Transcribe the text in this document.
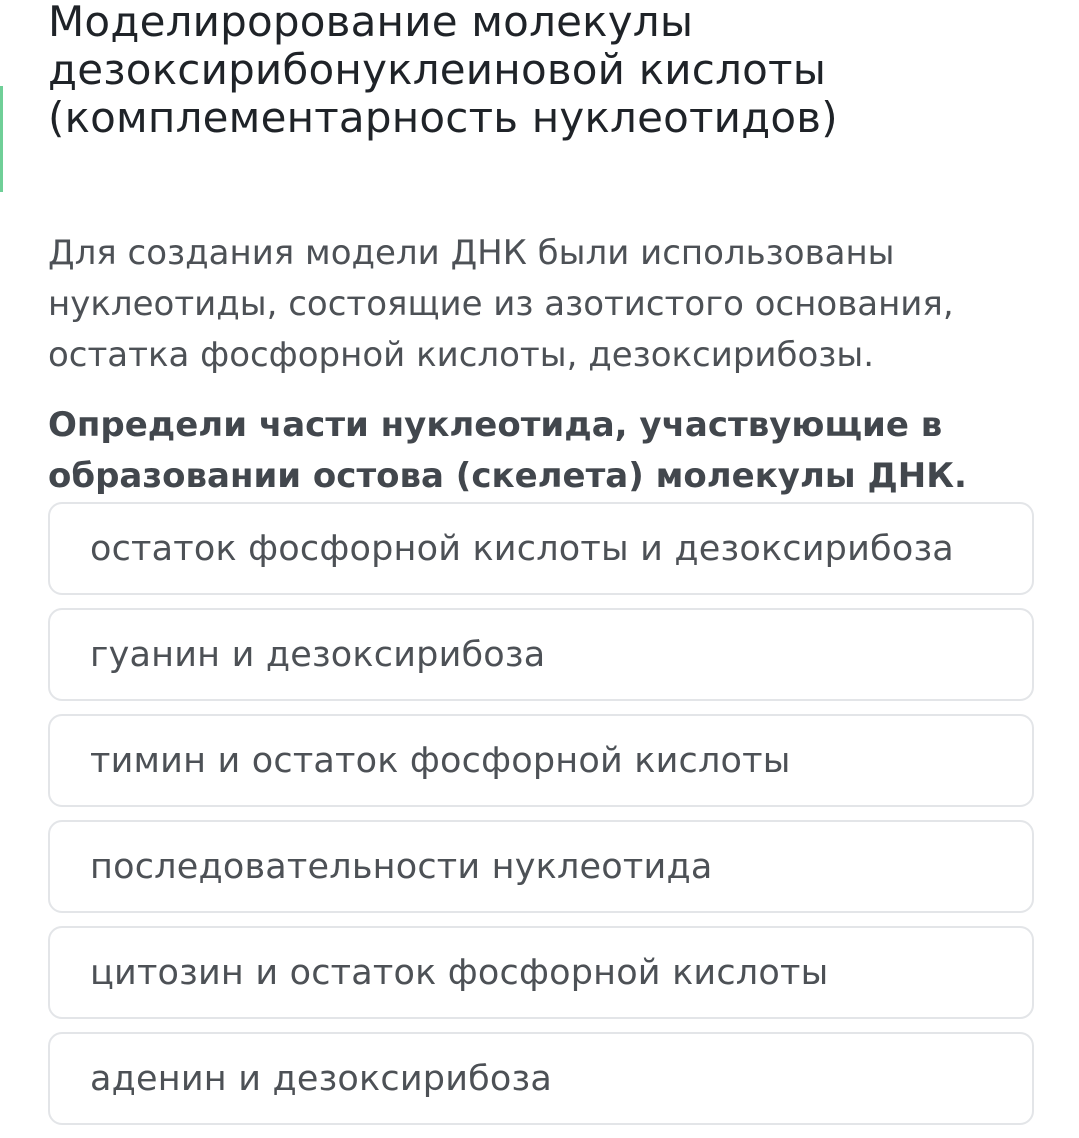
Моделирорование молекулы
дезоксирибонуклеиновой кислоты
(комплементарность нуклеотидов)

Для создания модели ДНК были использованы
нуклеотиды, состоящие из азотистого основания,
остатка фосфорной кислоты, дезоксирибозы.

Определи части нуклеотида, участвующие в
образовании остова (скелета) молекулы ДНК.

остаток фосфорной кислоты и дезоксирибоза
гуанин и дезоксирибоза
тимин и остаток фосфорной кислоты
последовательности нуклеотида
цитозин и остаток фосфорной кислоты
аденин и дезоксирибоза
